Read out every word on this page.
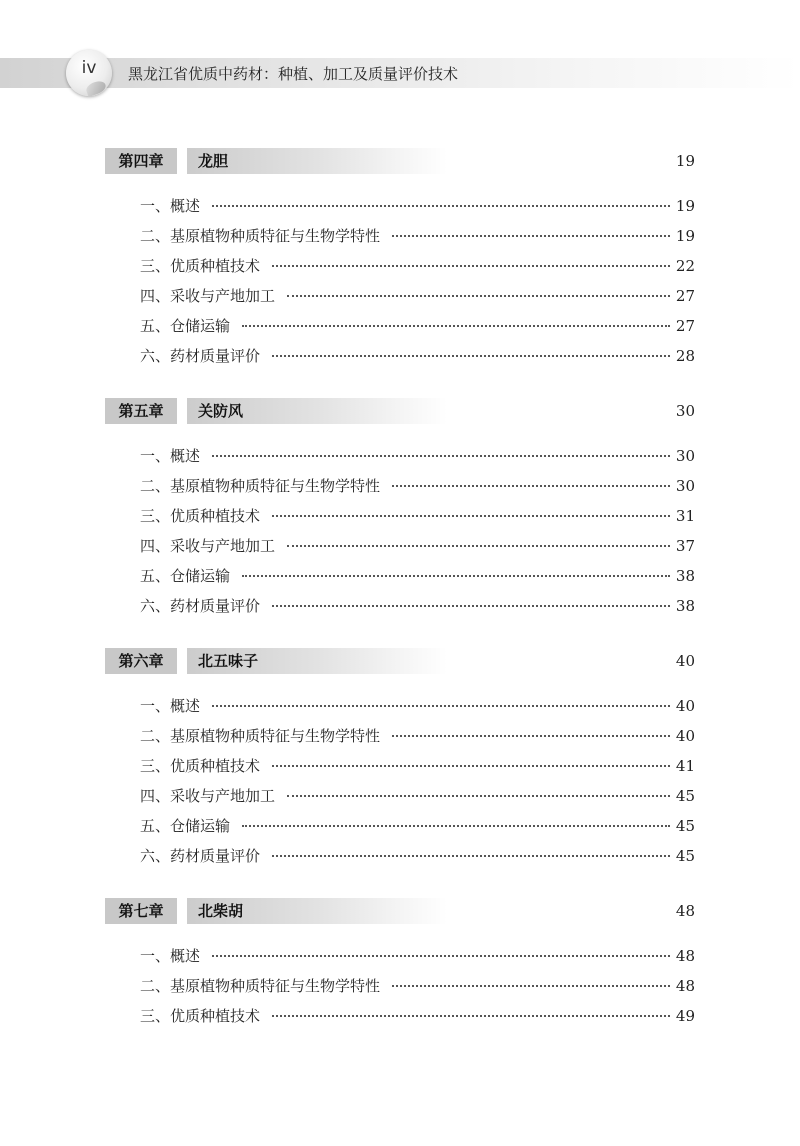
iv	黑龙江省优质中药材：种植、加工及质量评价技术
第四章	龙胆	19
一、概述	19
二、基原植物种质特征与生物学特性	19
三、优质种植技术	22
四、采收与产地加工	27
五、仓储运输	27
六、药材质量评价	28
第五章	关防风	30
一、概述	30
二、基原植物种质特征与生物学特性	30
三、优质种植技术	31
四、采收与产地加工	37
五、仓储运输	38
六、药材质量评价	38
第六章	北五味子	40
一、概述	40
二、基原植物种质特征与生物学特性	40
三、优质种植技术	41
四、采收与产地加工	45
五、仓储运输	45
六、药材质量评价	45
第七章	北柴胡	48
一、概述	48
二、基原植物种质特征与生物学特性	48
三、优质种植技术	49
